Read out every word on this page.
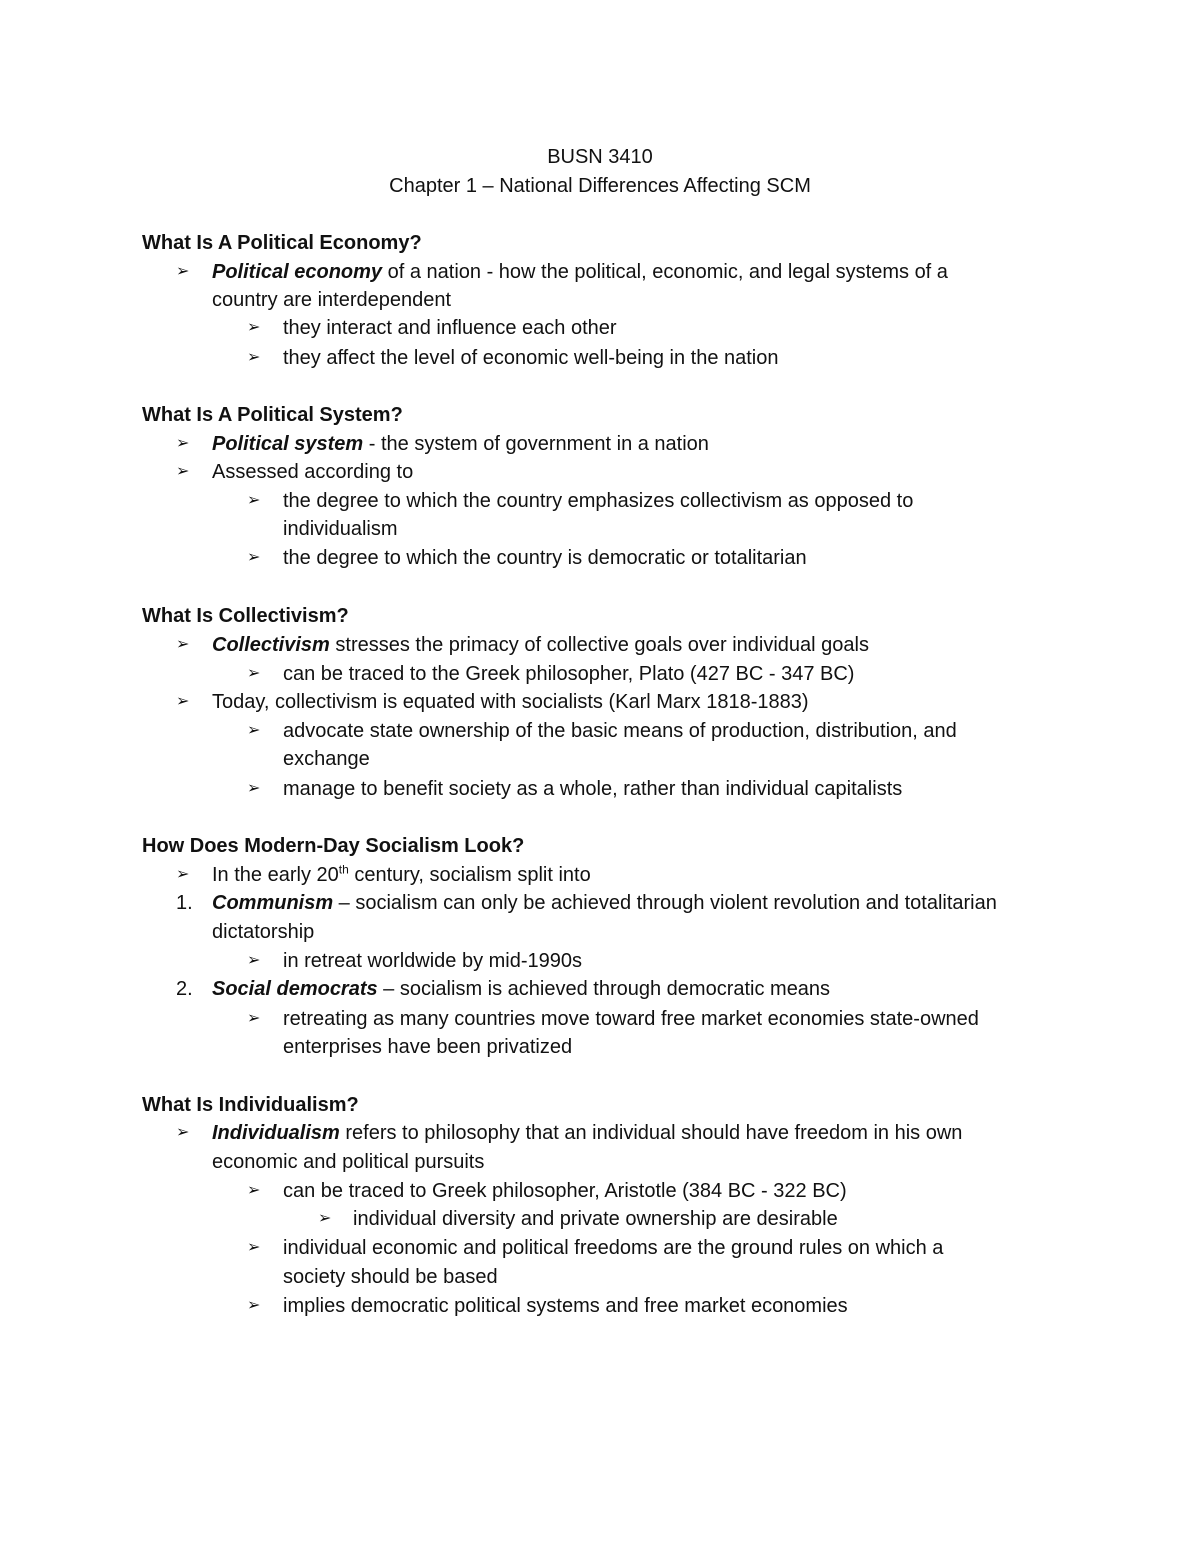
BUSN 3410
Chapter 1 – National Differences Affecting SCM
What Is A Political Economy?
➢ Political economy of a nation - how the political, economic, and legal systems of a
country are interdependent
➢ they interact and influence each other
➢ they affect the level of economic well-being in the nation
What Is A Political System?
➢ Political system - the system of government in a nation
➢ Assessed according to
➢ the degree to which the country emphasizes collectivism as opposed to
individualism
➢ the degree to which the country is democratic or totalitarian
What Is Collectivism?
➢ Collectivism stresses the primacy of collective goals over individual goals
➢ can be traced to the Greek philosopher, Plato (427 BC - 347 BC)
➢ Today, collectivism is equated with socialists (Karl Marx 1818-1883)
➢ advocate state ownership of the basic means of production, distribution, and
exchange
➢ manage to benefit society as a whole, rather than individual capitalists
How Does Modern-Day Socialism Look?
➢ In the early 20th century, socialism split into
1. Communism – socialism can only be achieved through violent revolution and totalitarian
dictatorship
➢ in retreat worldwide by mid-1990s
2. Social democrats – socialism is achieved through democratic means
➢ retreating as many countries move toward free market economies state-owned
enterprises have been privatized
What Is Individualism?
➢ Individualism refers to philosophy that an individual should have freedom in his own
economic and political pursuits
➢ can be traced to Greek philosopher, Aristotle (384 BC - 322 BC)
➢ individual diversity and private ownership are desirable
➢ individual economic and political freedoms are the ground rules on which a
society should be based
➢ implies democratic political systems and free market economies
